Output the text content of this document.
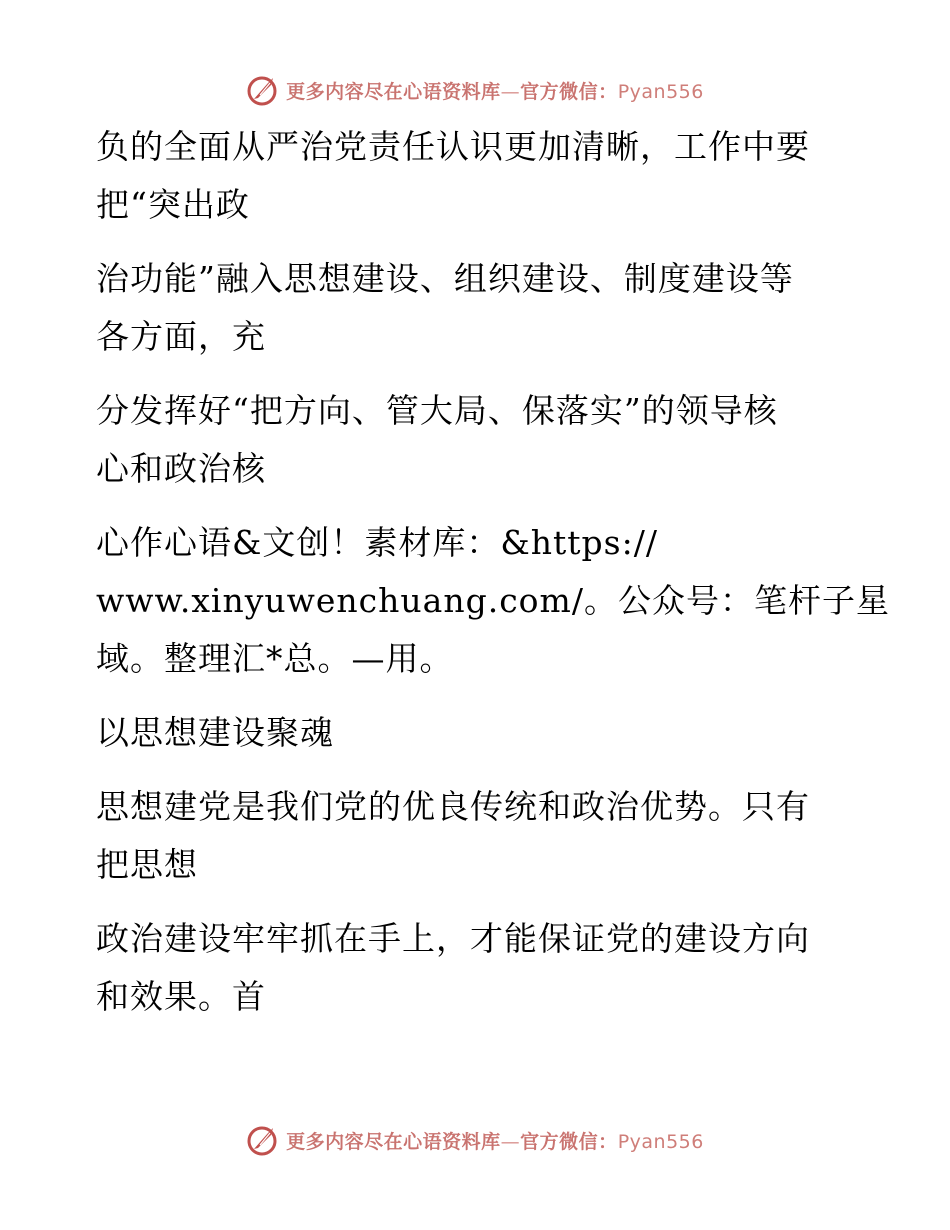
更多内容尽在心语资料库—官方微信：Pyan556

负的全面从严治党责任认识更加清晰，工作中要

把“突出政

治功能”融入思想建设、组织建设、制度建设等

各方面，充

分发挥好“把方向、管大局、保落实”的领导核

心和政治核

心作心语&文创！素材库：&https://

www.xinyuwenchuang.com/。公众号：笔杆子星

域。整理汇*总。—用。

以思想建设聚魂

思想建党是我们党的优良传统和政治优势。只有

把思想

政治建设牢牢抓在手上，才能保证党的建设方向

和效果。首

更多内容尽在心语资料库—官方微信：Pyan556
